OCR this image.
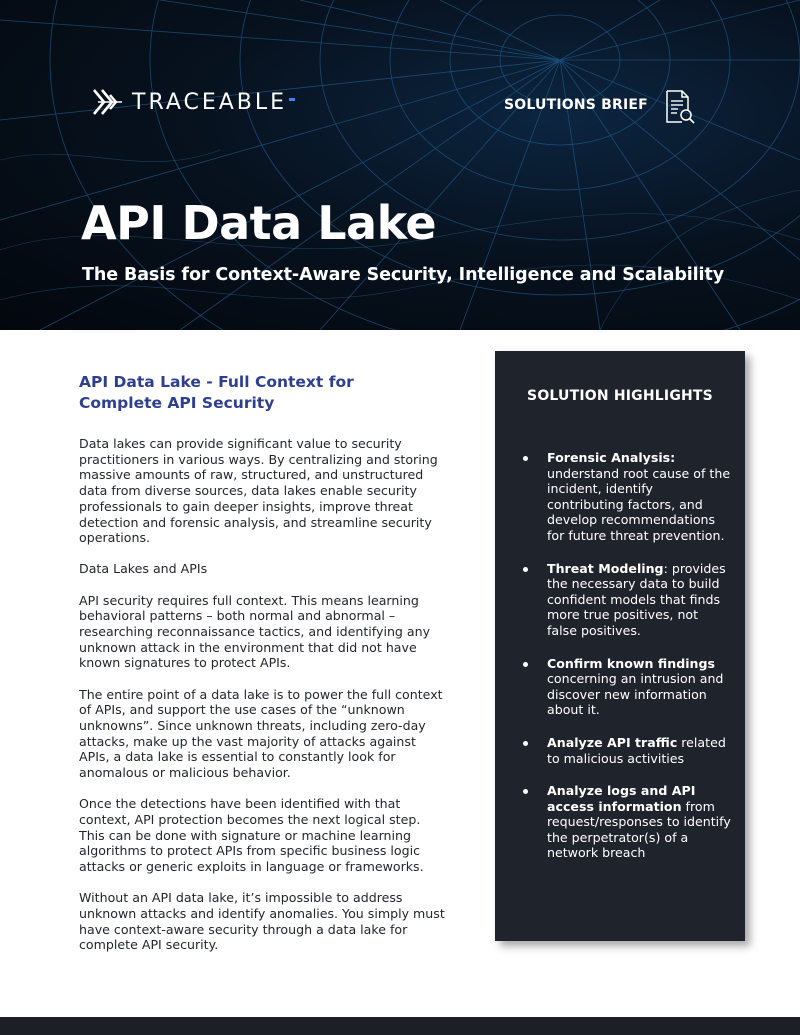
TRACEABLE	SOLUTIONS BRIEF
API Data Lake
The Basis for Context-Aware Security, Intelligence and Scalability
API Data Lake - Full Context for
Complete API Security

Data lakes can provide significant value to security practitioners in various ways. By centralizing and storing massive amounts of raw, structured, and unstructured data from diverse sources, data lakes enable security professionals to gain deeper insights, improve threat detection and forensic analysis, and streamline security operations.

Data Lakes and APIs

API security requires full context. This means learning behavioral patterns – both normal and abnormal – researching reconnaissance tactics, and identifying any unknown attack in the environment that did not have known signatures to protect APIs.

The entire point of a data lake is to power the full context of APIs, and support the use cases of the “unknown unknowns”. Since unknown threats, including zero-day attacks, make up the vast majority of attacks against APIs, a data lake is essential to constantly look for anomalous or malicious behavior.

Once the detections have been identified with that context, API protection becomes the next logical step. This can be done with signature or machine learning algorithms to protect APIs from specific business logic attacks or generic exploits in language or frameworks.

Without an API data lake, it’s impossible to address unknown attacks and identify anomalies. You simply must have context-aware security through a data lake for complete API security.

SOLUTION HIGHLIGHTS
Forensic Analysis:
understand root cause of the incident, identify contributing factors, and develop recommendations for future threat prevention.
Threat Modeling: provides the necessary data to build confident models that finds more true positives, not false positives.
Confirm known findings
concerning an intrusion and discover new information about it.
Analyze API traffic related to malicious activities
Analyze logs and API access information from request/responses to identify the perpetrator(s) of a network breach
